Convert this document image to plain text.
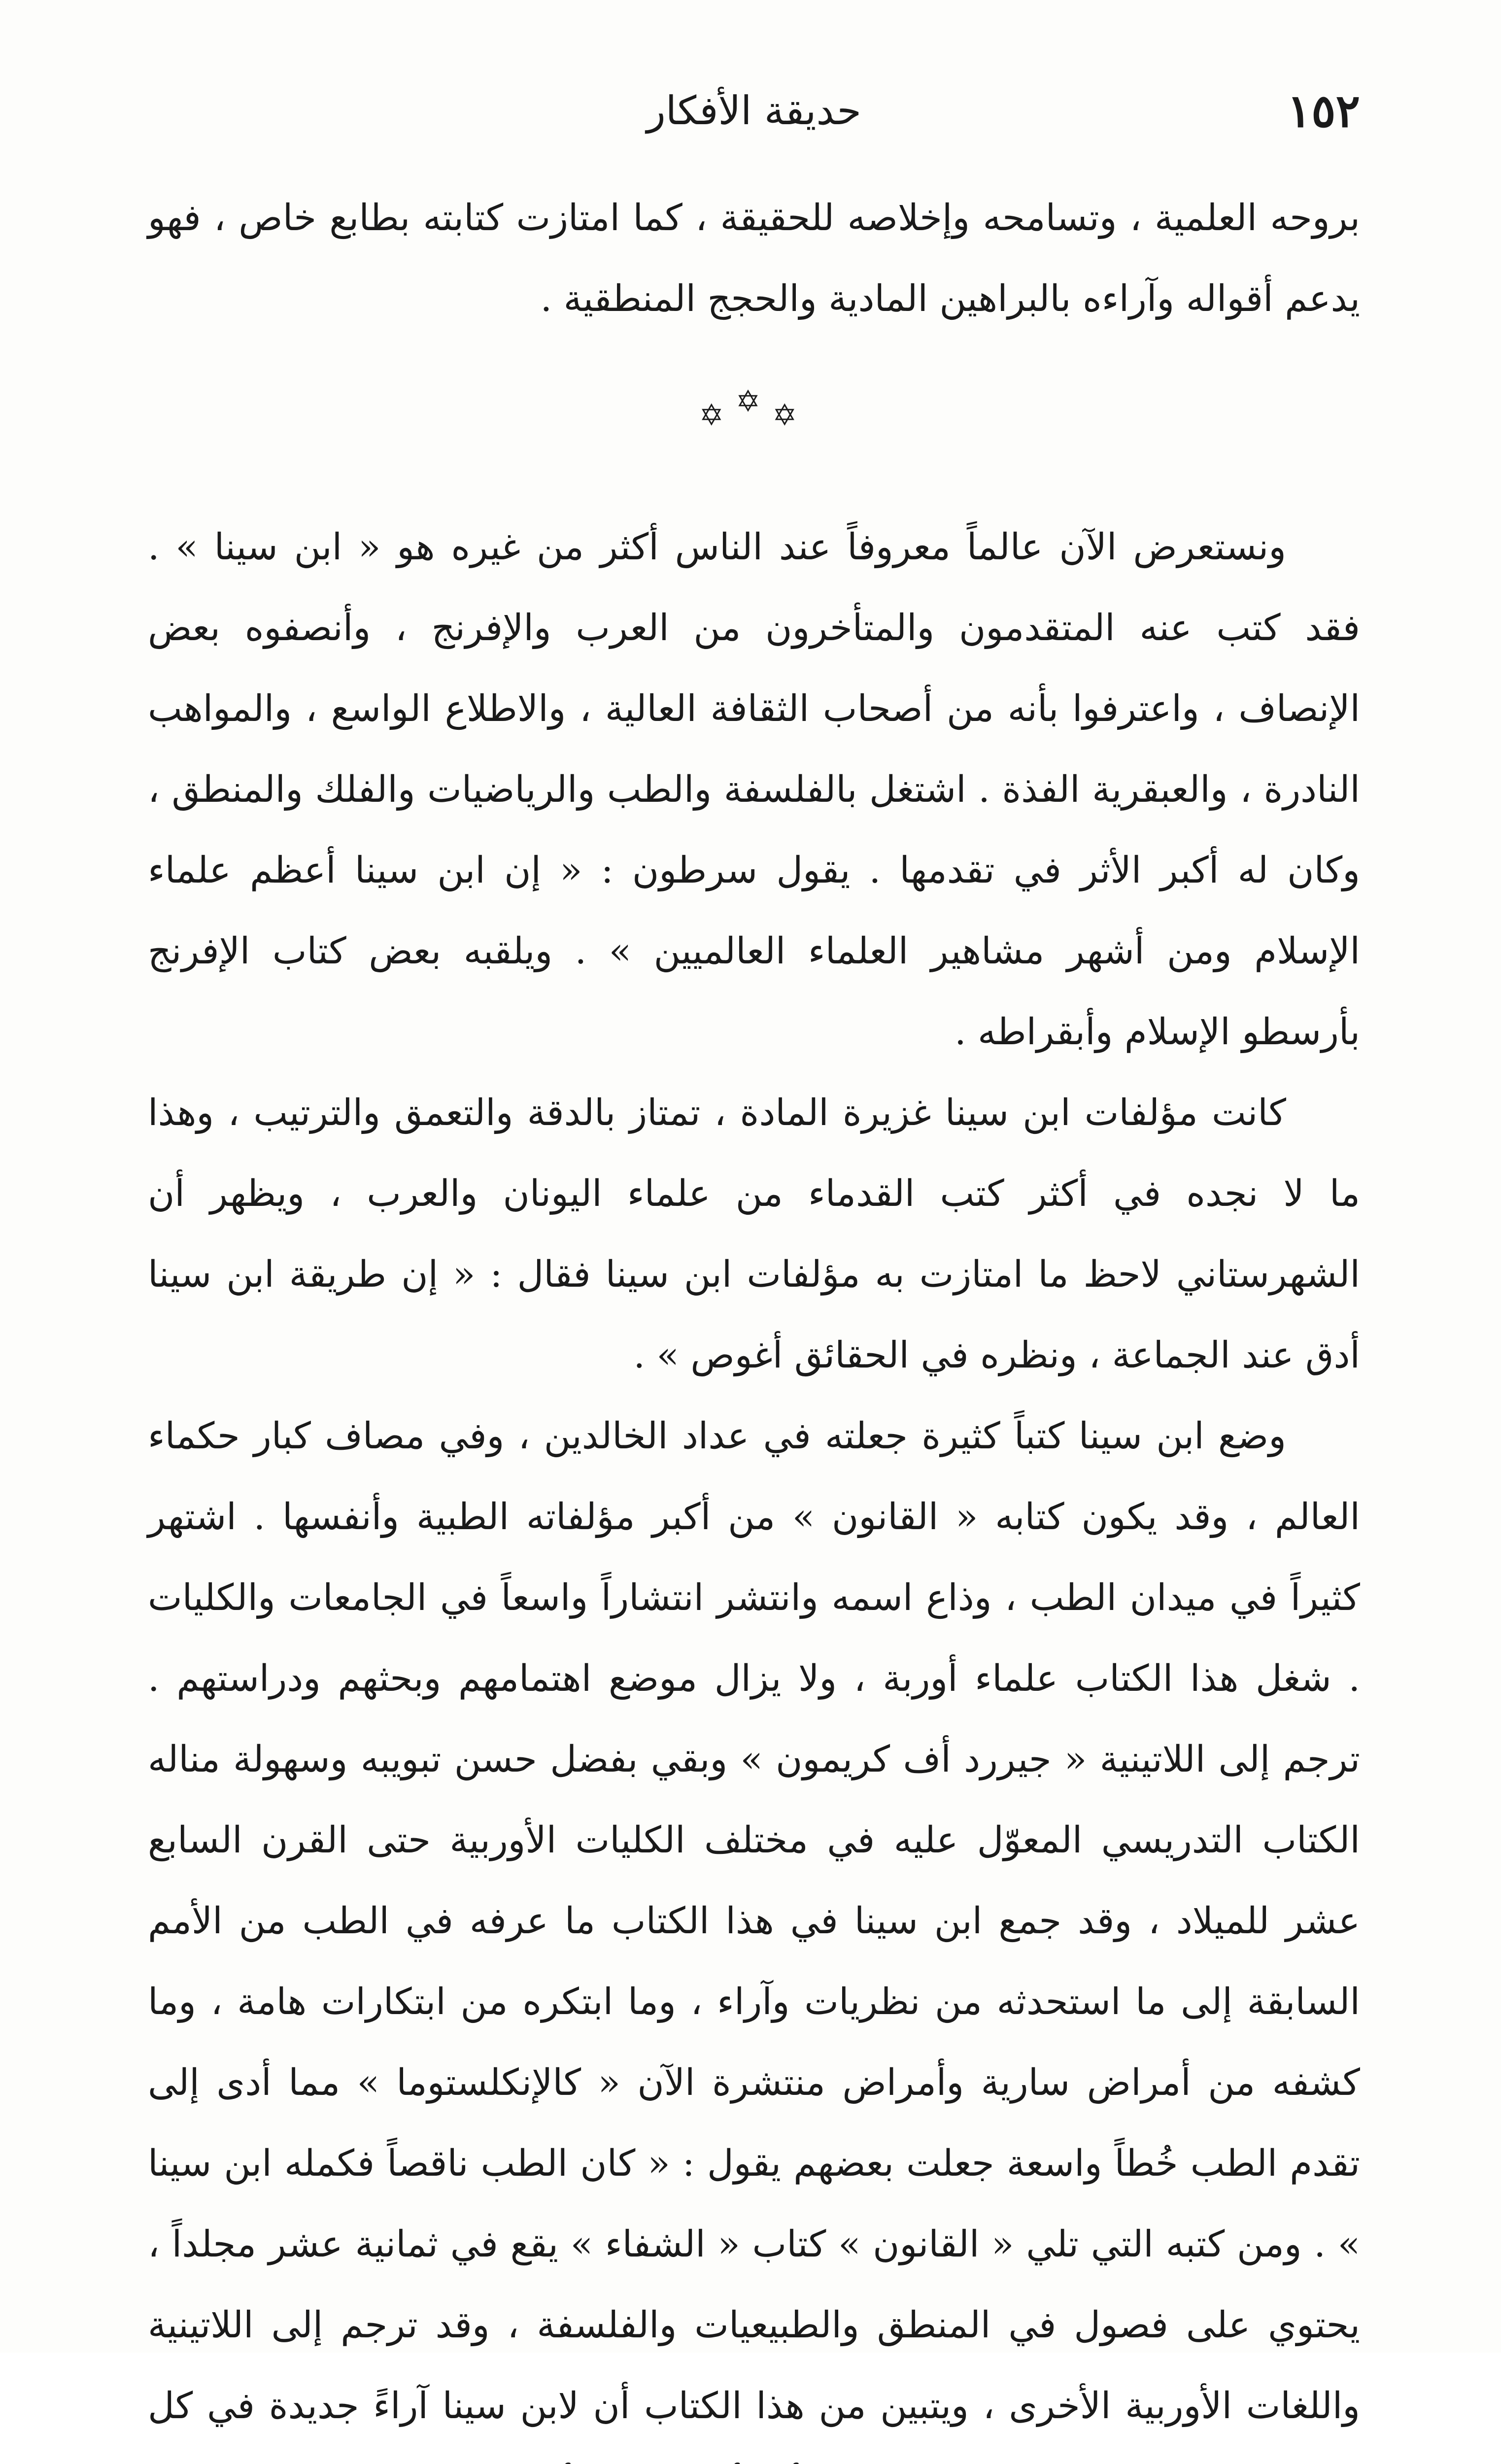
١٥٢
حديقة الأفكار

بروحه العلمية ، وتسامحه وإخلاصه للحقيقة ، كما امتازت كتابته بطابع خاص ، فهو يدعم أقواله وآراءه بالبراهين المادية والحجج المنطقية .

✡✡✡

ونستعرض الآن عالماً معروفاً عند الناس أكثر من غيره هو « ابن سينا » . فقد كتب عنه المتقدمون والمتأخرون من العرب والإفرنج ، وأنصفوه بعض الإنصاف ، واعترفوا بأنه من أصحاب الثقافة العالية ، والاطلاع الواسع ، والمواهب النادرة ، والعبقرية الفذة . اشتغل بالفلسفة والطب والرياضيات والفلك والمنطق ، وكان له أكبر الأثر في تقدمها . يقول سرطون : « إن ابن سينا أعظم علماء الإسلام ومن أشهر مشاهير العلماء العالميين » . ويلقبه بعض كتاب الإفرنج بأرسطو الإسلام وأبقراطه .

كانت مؤلفات ابن سينا غزيرة المادة ، تمتاز بالدقة والتعمق والترتيب ، وهذا ما لا نجده في أكثر كتب القدماء من علماء اليونان والعرب ، ويظهر أن الشهرستاني لاحظ ما امتازت به مؤلفات ابن سينا فقال : « إن طريقة ابن سينا أدق عند الجماعة ، ونظره في الحقائق أغوص » .

وضع ابن سينا كتباً كثيرة جعلته في عداد الخالدين ، وفي مصاف كبار حكماء العالم ، وقد يكون كتابه « القانون » من أكبر مؤلفاته الطبية وأنفسها . اشتهر كثيراً في ميدان الطب ، وذاع اسمه وانتشر انتشاراً واسعاً في الجامعات والكليات . شغل هذا الكتاب علماء أوربة ، ولا يزال موضع اهتمامهم وبحثهم ودراستهم . ترجم إلى اللاتينية « جيررد أف كريمون » وبقي بفضل حسن تبويبه وسهولة مناله الكتاب التدريسي المعوّل عليه في مختلف الكليات الأوربية حتى القرن السابع عشر للميلاد ، وقد جمع ابن سينا في هذا الكتاب ما عرفه في الطب من الأمم السابقة إلى ما استحدثه من نظريات وآراء ، وما ابتكره من ابتكارات هامة ، وما كشفه من أمراض سارية وأمراض منتشرة الآن « كالإنكلستوما » مما أدى إلى تقدم الطب خُطاً واسعة جعلت بعضهم يقول : « كان الطب ناقصاً فكمله ابن سينا » . ومن كتبه التي تلي « القانون » كتاب « الشفاء » يقع في ثمانية عشر مجلداً ، يحتوي على فصول في المنطق والطبيعيات والفلسفة ، وقد ترجم إلى اللاتينية واللغات الأوربية الأخرى ، ويتبين من هذا الكتاب أن لابن سينا آراءً جديدة في كل
